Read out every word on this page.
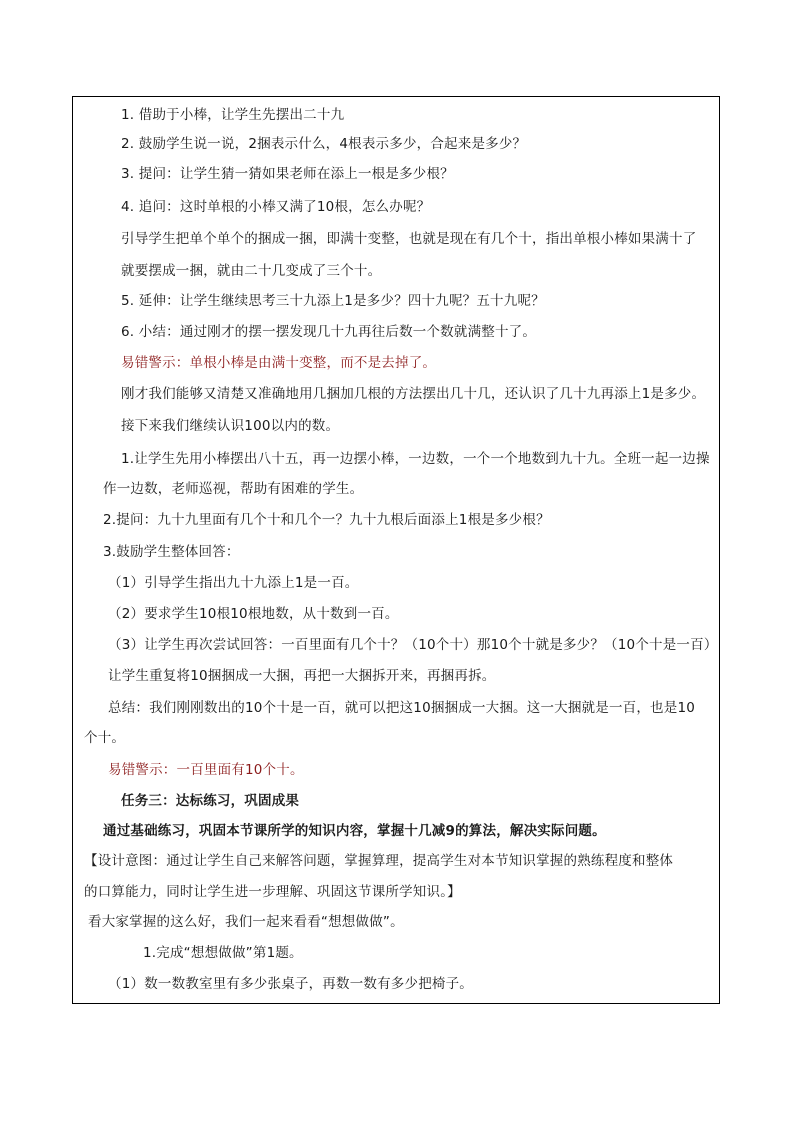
1. 借助于小棒，让学生先摆出二十九
2. 鼓励学生说一说，2捆表示什么，4根表示多少，合起来是多少？
3. 提问：让学生猜一猜如果老师在添上一根是多少根？
4. 追问：这时单根的小棒又满了10根，怎么办呢？
引导学生把单个单个的捆成一捆，即满十变整，也就是现在有几个十，指出单根小棒如果满十了
就要摆成一捆，就由二十几变成了三个十。
5. 延伸：让学生继续思考三十九添上1是多少？四十九呢？五十九呢？
6. 小结：通过刚才的摆一摆发现几十九再往后数一个数就满整十了。
易错警示：单根小棒是由满十变整，而不是去掉了。
刚才我们能够又清楚又准确地用几捆加几根的方法摆出几十几，还认识了几十九再添上1是多少。
接下来我们继续认识100以内的数。
1.让学生先用小棒摆出八十五，再一边摆小棒，一边数，一个一个地数到九十九。全班一起一边操
作一边数，老师巡视，帮助有困难的学生。
2.提问：九十九里面有几个十和几个一？九十九根后面添上1根是多少根？
3.鼓励学生整体回答：
（1）引导学生指出九十九添上1是一百。
（2）要求学生10根10根地数，从十数到一百。
（3）让学生再次尝试回答：一百里面有几个十？（10个十）那10个十就是多少？（10个十是一百）
让学生重复将10捆捆成一大捆，再把一大捆拆开来，再捆再拆。
总结：我们刚刚数出的10个十是一百，就可以把这10捆捆成一大捆。这一大捆就是一百，也是10
个十。
易错警示：一百里面有10个十。
任务三：达标练习，巩固成果
通过基础练习，巩固本节课所学的知识内容，掌握十几减9的算法，解决实际问题。
【设计意图：通过让学生自己来解答问题，掌握算理，提高学生对本节知识掌握的熟练程度和整体
的口算能力，同时让学生进一步理解、巩固这节课所学知识。】
看大家掌握的这么好，我们一起来看看“想想做做”。
1.完成“想想做做”第1题。
（1）数一数教室里有多少张桌子，再数一数有多少把椅子。
